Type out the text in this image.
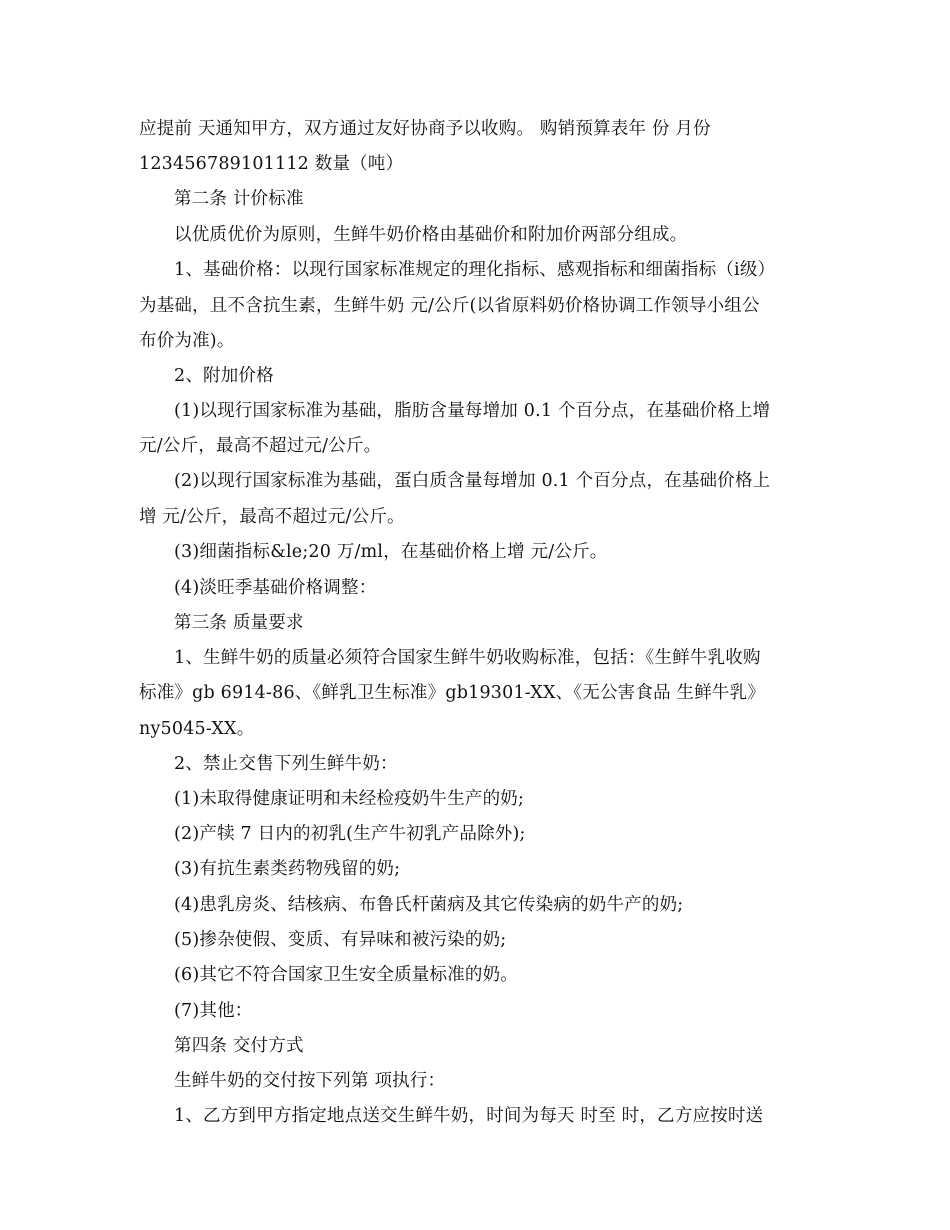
应提前 天通知甲方，双方通过友好协商予以收购。 购销预算表年 份 月份
123456789101112 数量（吨）
第二条 计价标准
以优质优价为原则，生鲜牛奶价格由基础价和附加价两部分组成。
1、基础价格：以现行国家标准规定的理化指标、感观指标和细菌指标（ⅰ级）
为基础，且不含抗生素，生鲜牛奶 元/公斤(以省原料奶价格协调工作领导小组公
布价为准)。
2、附加价格
(1)以现行国家标准为基础，脂肪含量每增加 0.1 个百分点，在基础价格上增
元/公斤，最高不超过元/公斤。
(2)以现行国家标准为基础，蛋白质含量每增加 0.1 个百分点，在基础价格上
增 元/公斤，最高不超过元/公斤。
(3)细菌指标&le;20 万/ml，在基础价格上增 元/公斤。
(4)淡旺季基础价格调整：
第三条 质量要求
1、生鲜牛奶的质量必须符合国家生鲜牛奶收购标准，包括：《生鲜牛乳收购
标准》gb 6914-86、《鲜乳卫生标准》gb19301-XX、《无公害食品 生鲜牛乳》
ny5045-XX。
2、禁止交售下列生鲜牛奶：
(1)未取得健康证明和未经检疫奶牛生产的奶;
(2)产犊 7 日内的初乳(生产牛初乳产品除外);
(3)有抗生素类药物残留的奶;
(4)患乳房炎、结核病、布鲁氏杆菌病及其它传染病的奶牛产的奶;
(5)掺杂使假、变质、有异味和被污染的奶;
(6)其它不符合国家卫生安全质量标准的奶。
(7)其他：
第四条 交付方式
生鲜牛奶的交付按下列第 项执行：
1、乙方到甲方指定地点送交生鲜牛奶，时间为每天 时至 时，乙方应按时送
